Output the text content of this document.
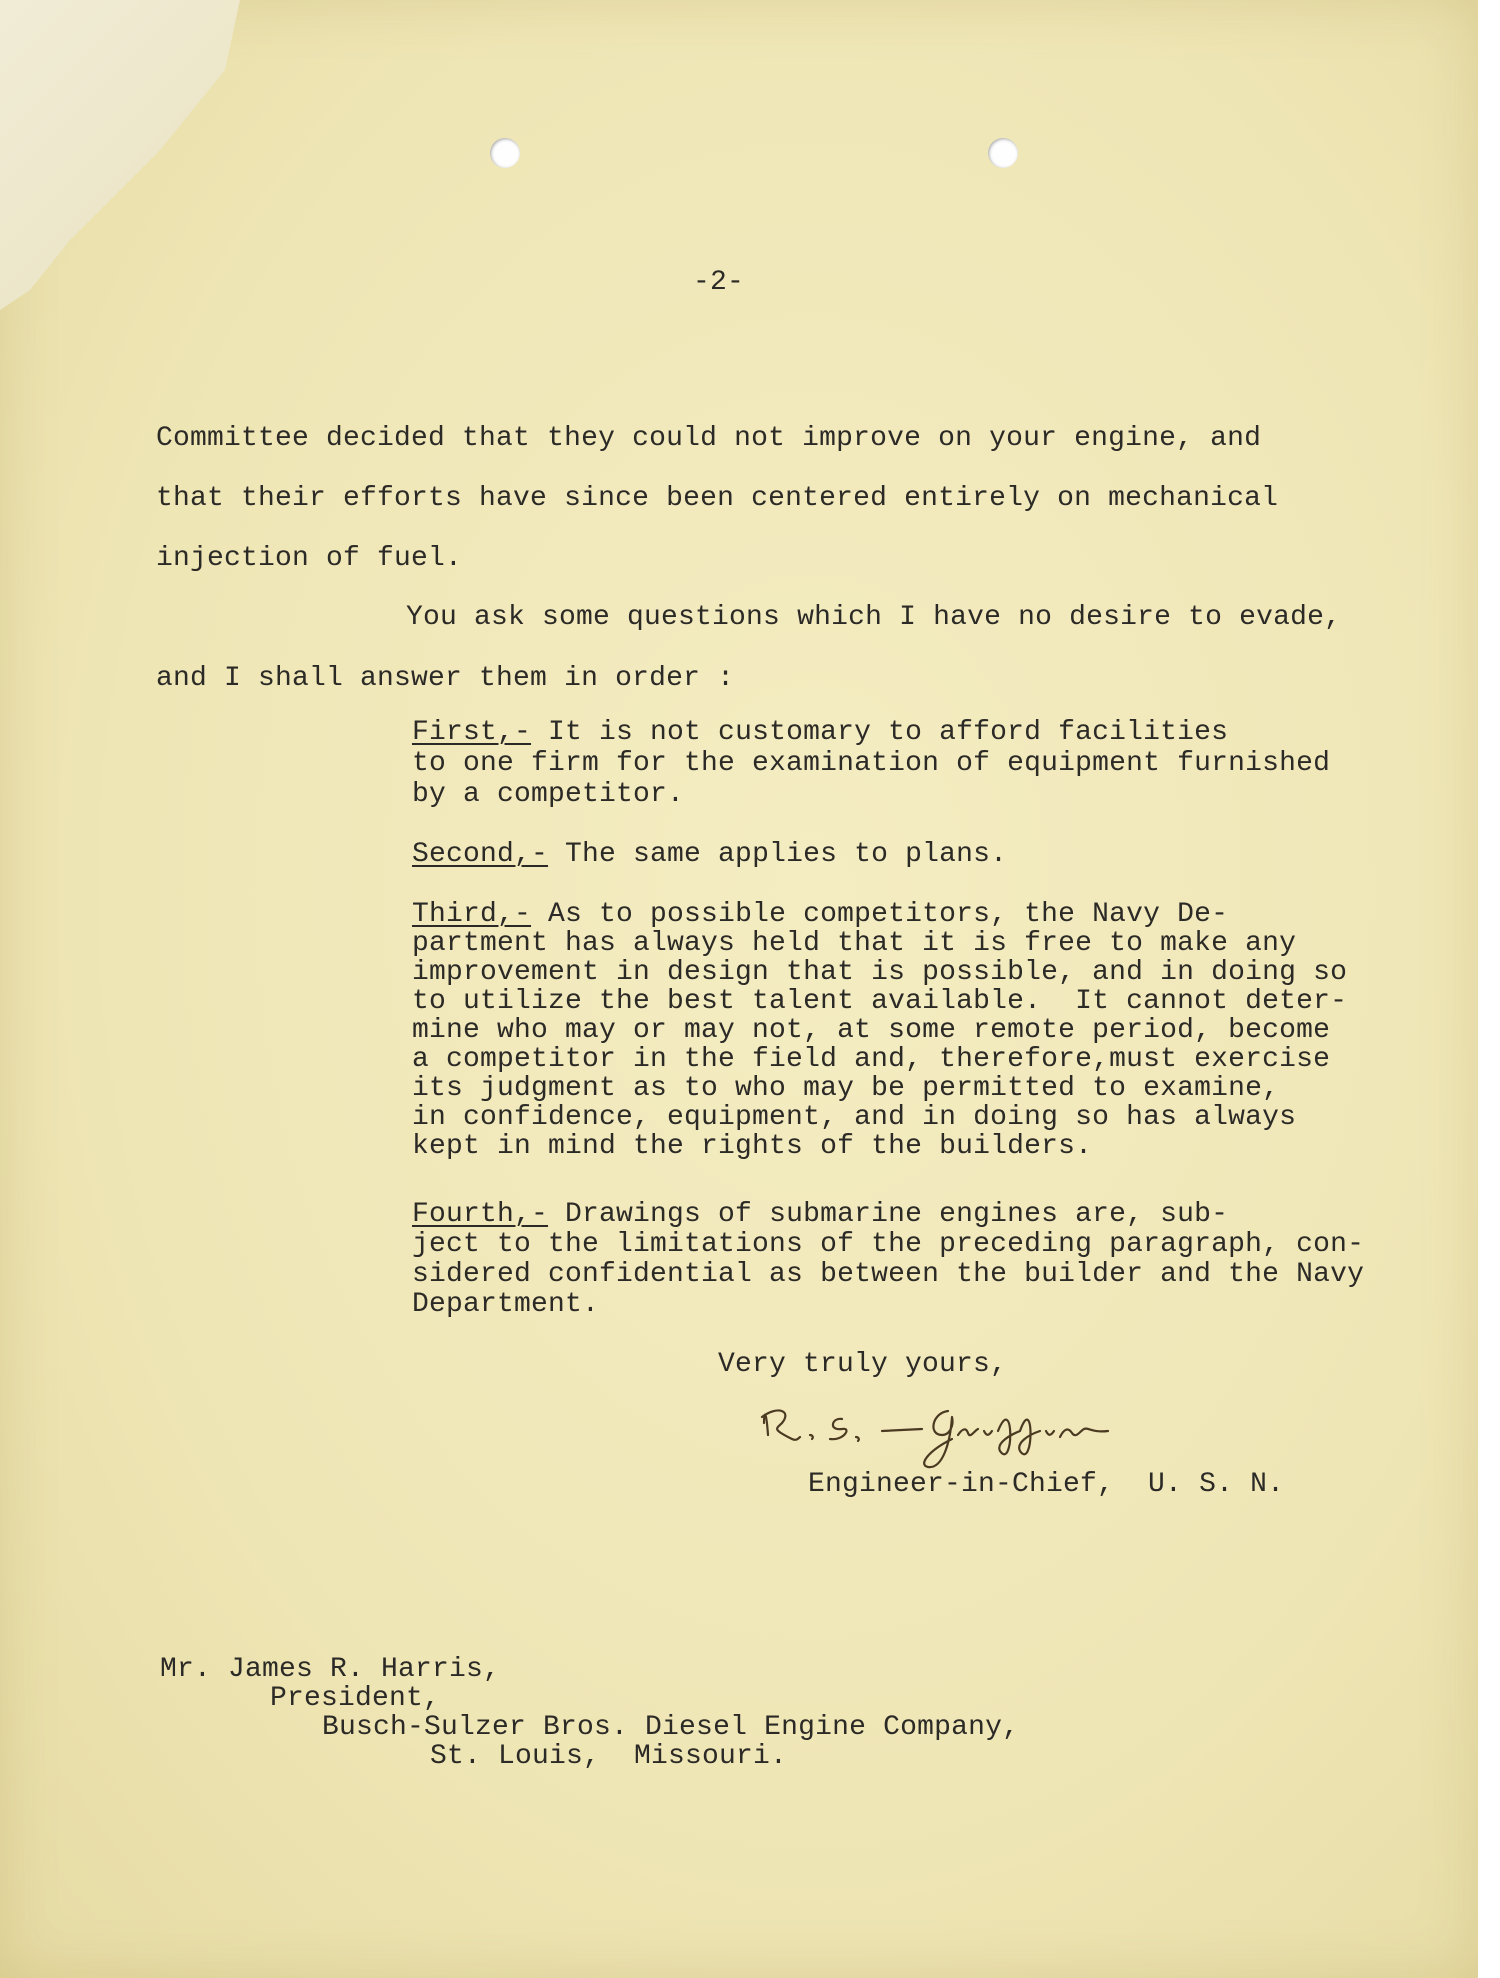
-2-
Committee decided that they could not improve on your engine, and
that their efforts have since been centered entirely on mechanical
injection of fuel.
You ask some questions which I have no desire to evade,
and I shall answer them in order :
First,- It is not customary to afford facilities
to one firm for the examination of equipment furnished
by a competitor.
Second,- The same applies to plans.
Third,- As to possible competitors, the Navy De-
partment has always held that it is free to make any
improvement in design that is possible, and in doing so
to utilize the best talent available.  It cannot deter-
mine who may or may not, at some remote period, become
a competitor in the field and, therefore,must exercise
its judgment as to who may be permitted to examine,
in confidence, equipment, and in doing so has always
kept in mind the rights of the builders.
Fourth,- Drawings of submarine engines are, sub-
ject to the limitations of the preceding paragraph, con-
sidered confidential as between the builder and the Navy
Department.
Very truly yours,
Engineer-in-Chief,  U. S. N.
Mr. James R. Harris,
President,
Busch-Sulzer Bros. Diesel Engine Company,
St. Louis,  Missouri.
